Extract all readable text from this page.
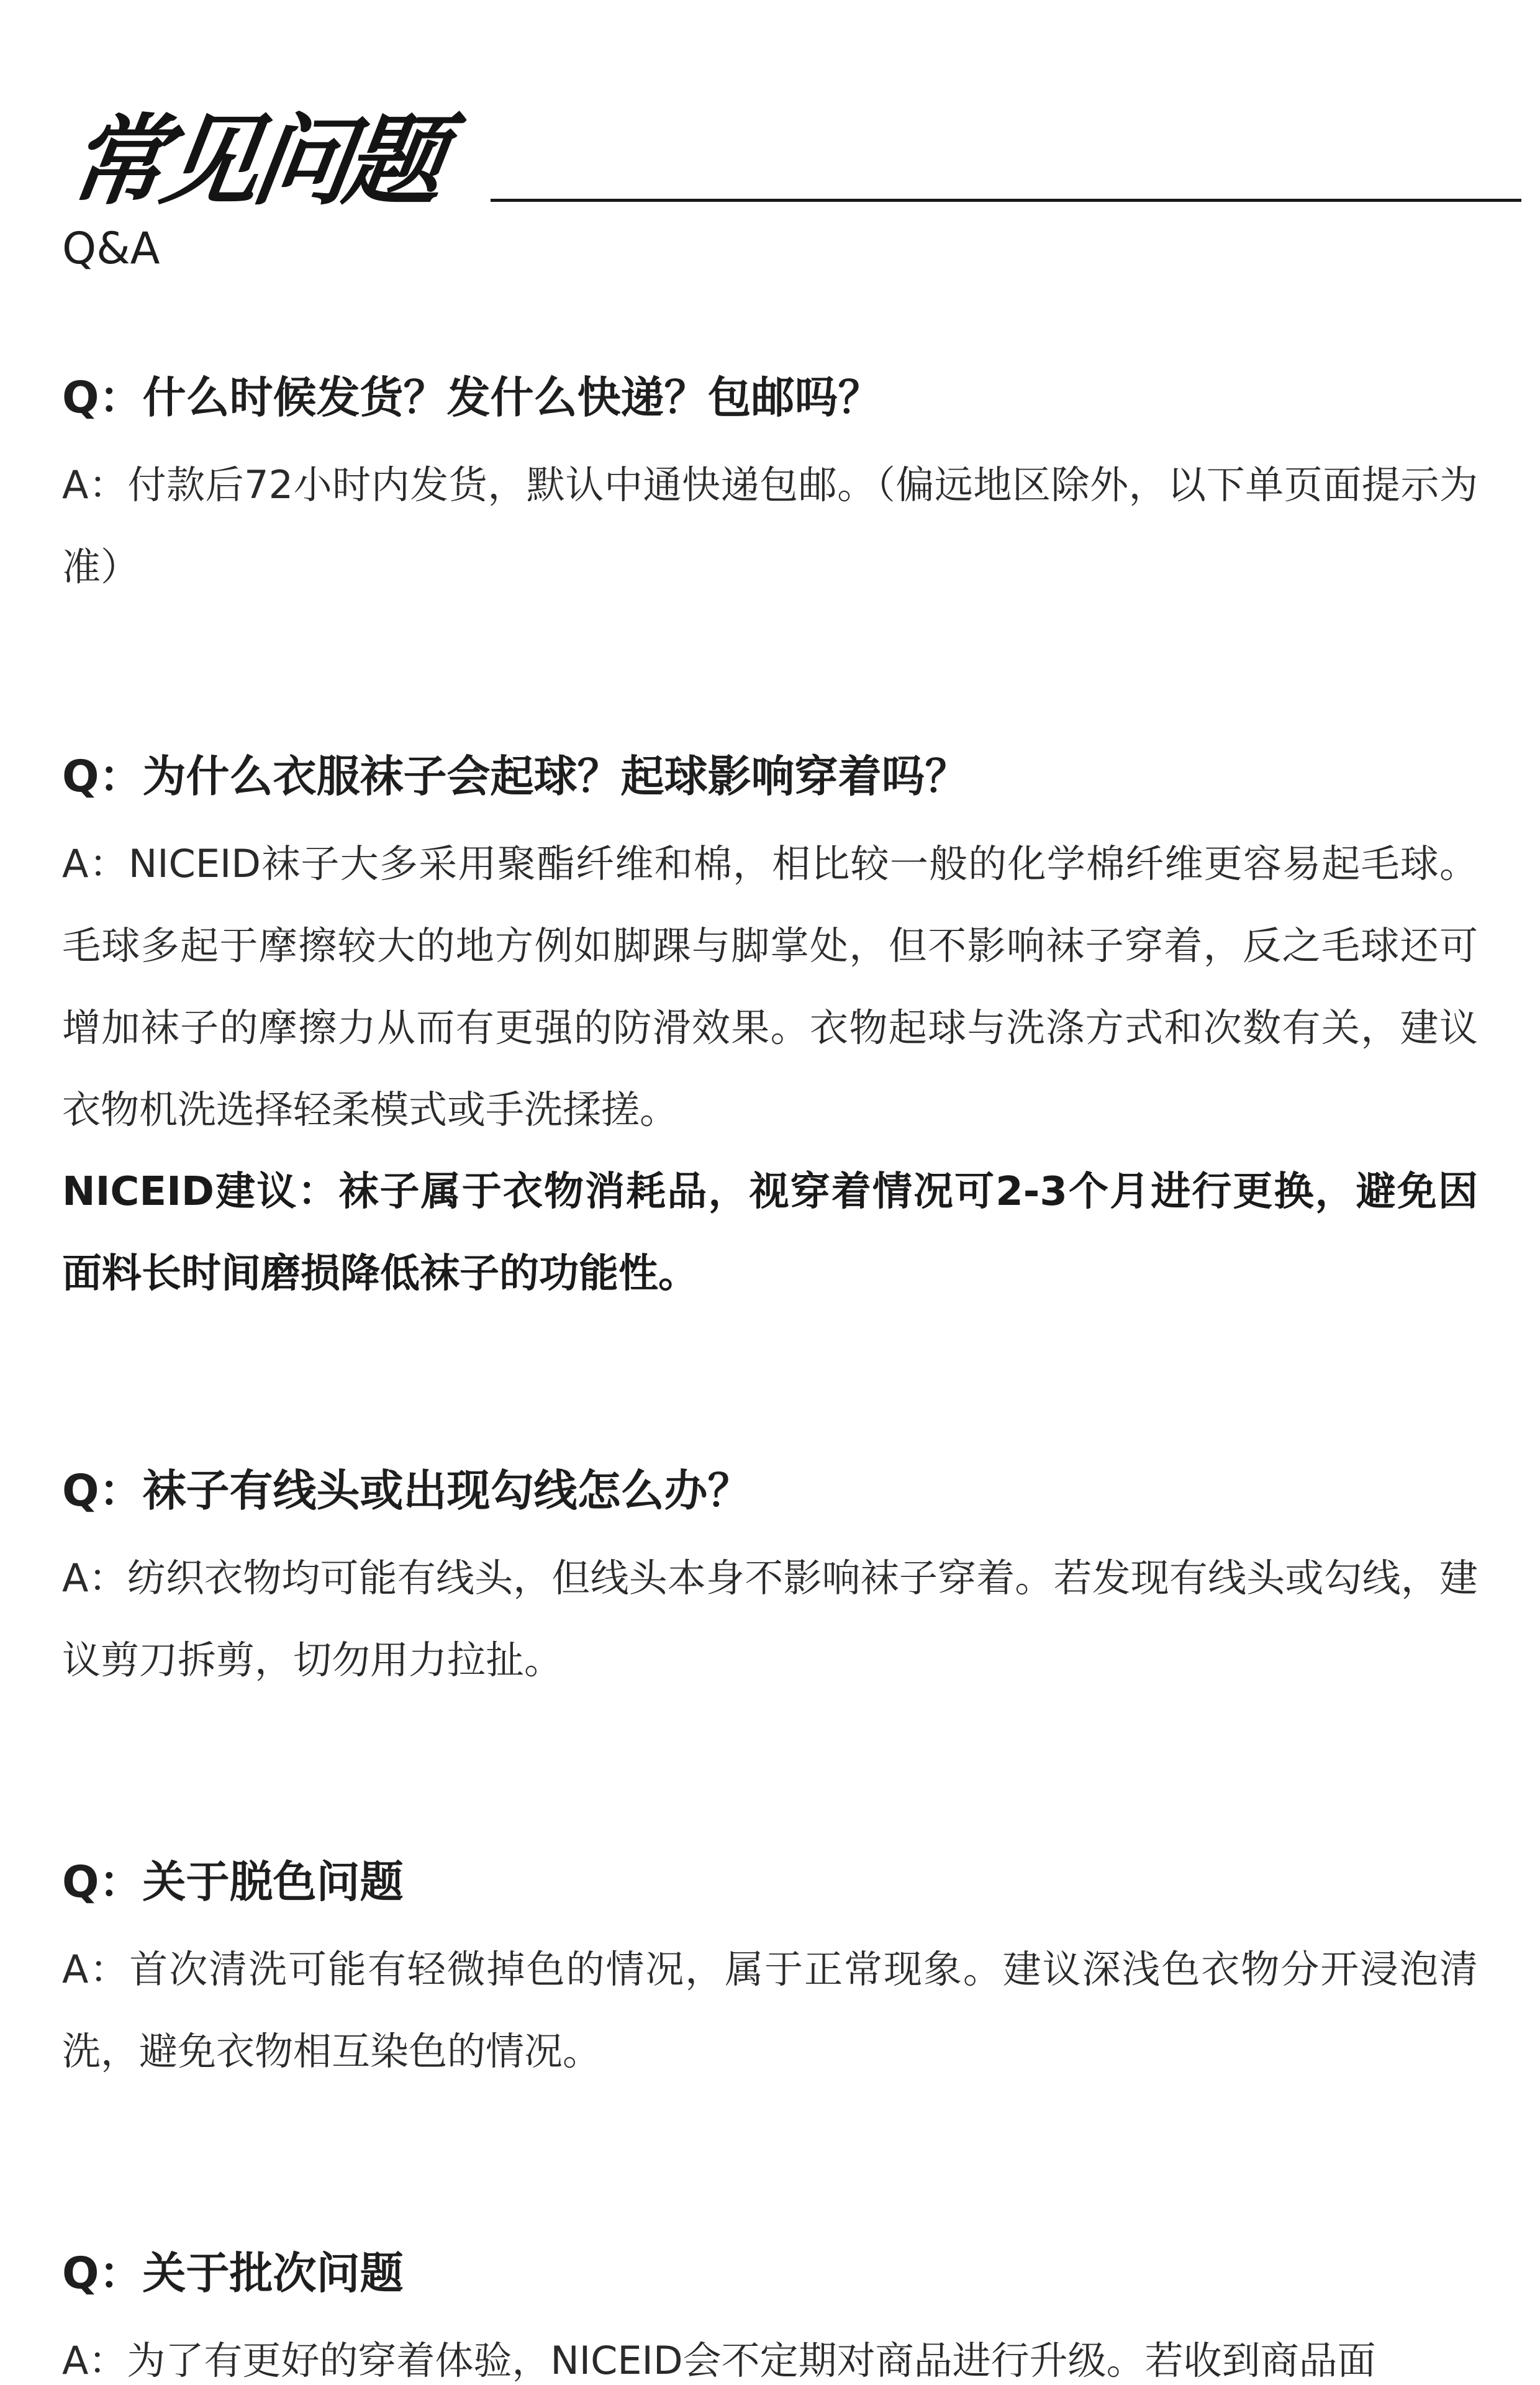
常见问题
Q&A
Q：什么时候发货？发什么快递？包邮吗？
A：付款后72小时内发货，默认中通快递包邮。（偏远地区除外，以下单页面提示为准）
Q：为什么衣服袜子会起球？起球影响穿着吗？
A：NICEID袜子大多采用聚酯纤维和棉，相比较一般的化学棉纤维更容易起毛球。毛球多起于摩擦较大的地方例如脚踝与脚掌处，但不影响袜子穿着，反之毛球还可增加袜子的摩擦力从而有更强的防滑效果。衣物起球与洗涤方式和次数有关，建议衣物机洗选择轻柔模式或手洗揉搓。
NICEID建议：袜子属于衣物消耗品，视穿着情况可2-3个月进行更换，避免因面料长时间磨损降低袜子的功能性。
Q：袜子有线头或出现勾线怎么办？
A：纺织衣物均可能有线头，但线头本身不影响袜子穿着。若发现有线头或勾线，建议剪刀拆剪，切勿用力拉扯。
Q：关于脱色问题
A：首次清洗可能有轻微掉色的情况，属于正常现象。建议深浅色衣物分开浸泡清洗，避免衣物相互染色的情况。
Q：关于批次问题
A：为了有更好的穿着体验，NICEID会不定期对商品进行升级。若收到商品面
